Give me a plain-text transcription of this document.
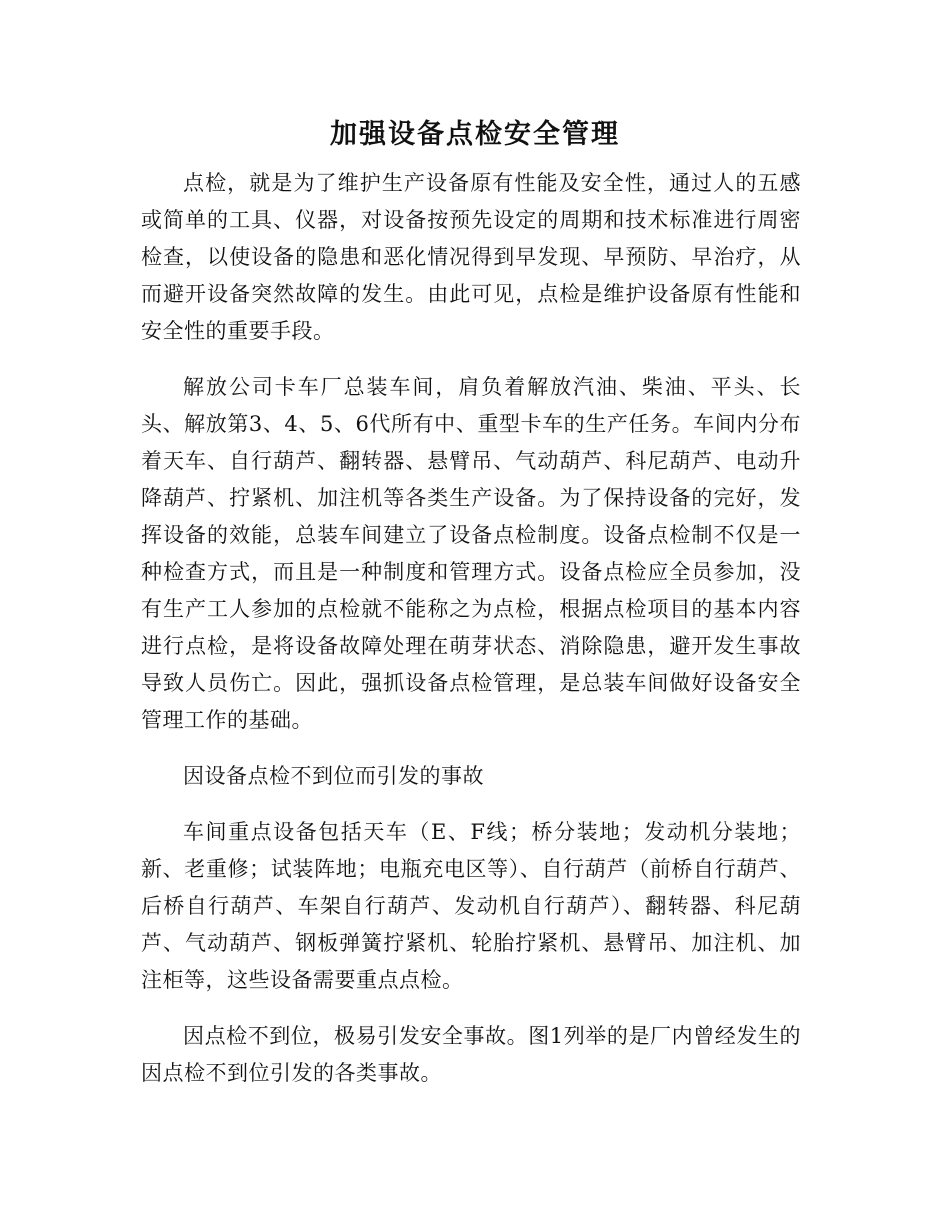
加强设备点检安全管理

点检，就是为了维护生产设备原有性能及安全性，通过人的五感或简单的工具、仪器，对设备按预先设定的周期和技术标准进行周密检查，以使设备的隐患和恶化情况得到早发现、早预防、早治疗，从而避开设备突然故障的发生。由此可见，点检是维护设备原有性能和安全性的重要手段。

解放公司卡车厂总装车间，肩负着解放汽油、柴油、平头、长头、解放第3、4、5、6代所有中、重型卡车的生产任务。车间内分布着天车、自行葫芦、翻转器、悬臂吊、气动葫芦、科尼葫芦、电动升降葫芦、拧紧机、加注机等各类生产设备。为了保持设备的完好，发挥设备的效能，总装车间建立了设备点检制度。设备点检制不仅是一种检查方式，而且是一种制度和管理方式。设备点检应全员参加，没有生产工人参加的点检就不能称之为点检，根据点检项目的基本内容进行点检，是将设备故障处理在萌芽状态、消除隐患，避开发生事故导致人员伤亡。因此，强抓设备点检管理，是总装车间做好设备安全管理工作的基础。

因设备点检不到位而引发的事故

车间重点设备包括天车（E、F线；桥分装地；发动机分装地；新、老重修；试装阵地；电瓶充电区等）、自行葫芦（前桥自行葫芦、后桥自行葫芦、车架自行葫芦、发动机自行葫芦）、翻转器、科尼葫芦、气动葫芦、钢板弹簧拧紧机、轮胎拧紧机、悬臂吊、加注机、加注柜等，这些设备需要重点点检。

因点检不到位，极易引发安全事故。图1列举的是厂内曾经发生的因点检不到位引发的各类事故。
